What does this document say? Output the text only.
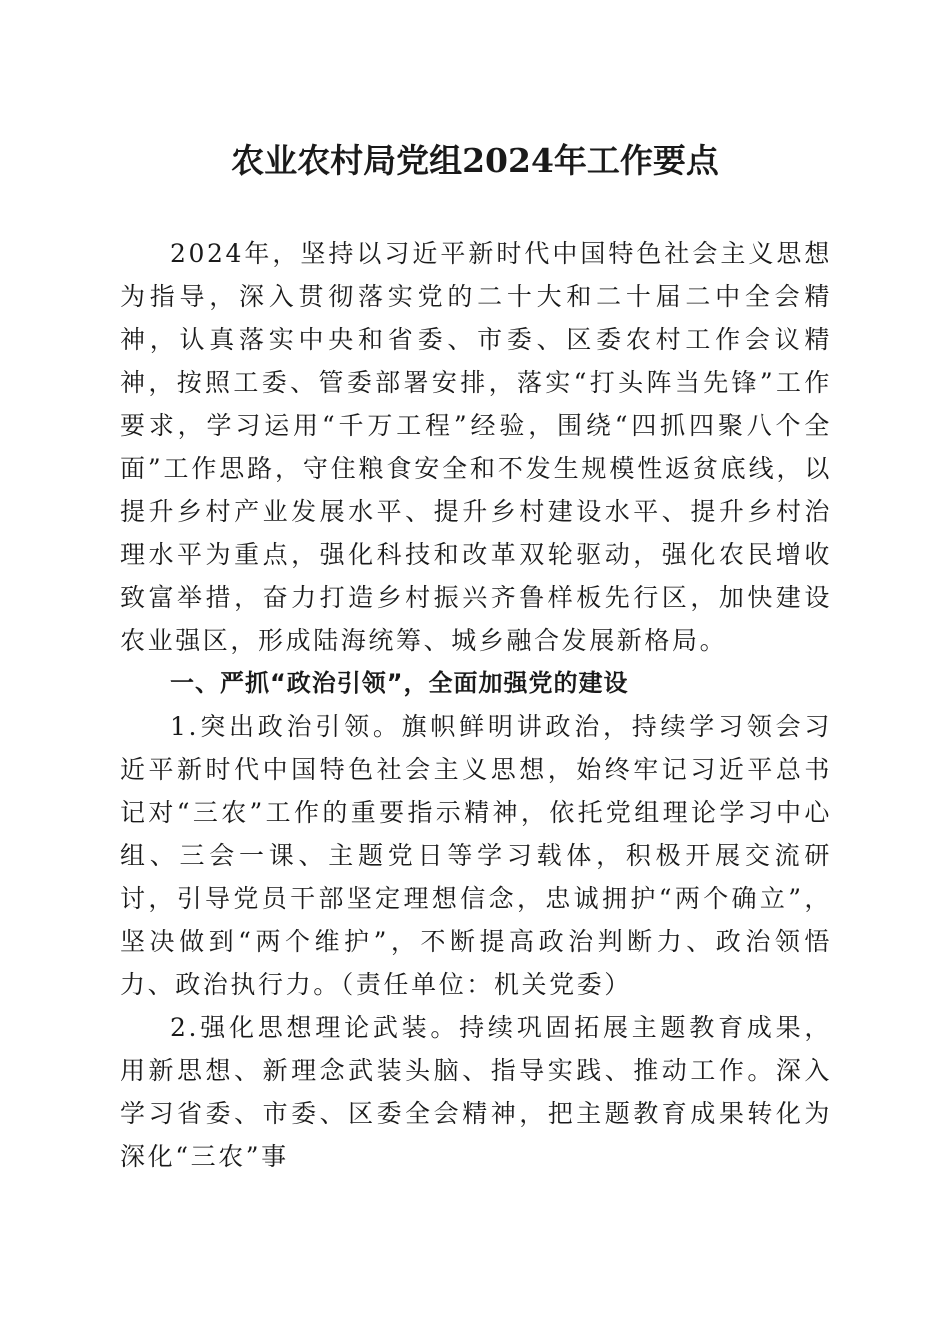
农业农村局党组2024年工作要点

2024年，坚持以习近平新时代中国特色社会主义思想为指导，深入贯彻落实党的二十大和二十届二中全会精神，认真落实中央和省委、市委、区委农村工作会议精神，按照工委、管委部署安排，落实“打头阵当先锋”工作要求，学习运用“千万工程”经验，围绕“四抓四聚八个全面”工作思路，守住粮食安全和不发生规模性返贫底线，以提升乡村产业发展水平、提升乡村建设水平、提升乡村治理水平为重点，强化科技和改革双轮驱动，强化农民增收致富举措，奋力打造乡村振兴齐鲁样板先行区，加快建设农业强区，形成陆海统筹、城乡融合发展新格局。

一、严抓“政治引领”，全面加强党的建设

1.突出政治引领。旗帜鲜明讲政治，持续学习领会习近平新时代中国特色社会主义思想，始终牢记习近平总书记对“三农”工作的重要指示精神，依托党组理论学习中心组、三会一课、主题党日等学习载体，积极开展交流研讨，引导党员干部坚定理想信念，忠诚拥护“两个确立”，坚决做到“两个维护”，不断提高政治判断力、政治领悟力、政治执行力。（责任单位：机关党委）

2.强化思想理论武装。持续巩固拓展主题教育成果，用新思想、新理念武装头脑、指导实践、推动工作。深入学习省委、市委、区委全会精神，把主题教育成果转化为深化“三农”事
